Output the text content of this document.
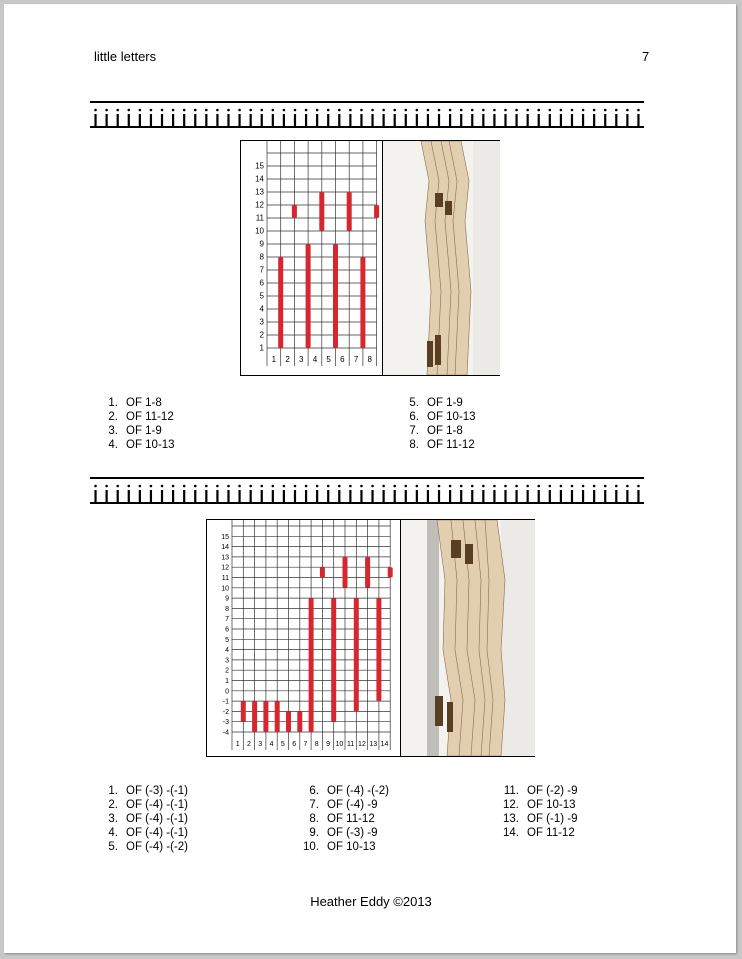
little letters	7
15
14
13
12
11
10
9
8
7
6
5
4
3
2
1
1 2 3 4 5 6 7 8
1. OF 1-8
2. OF 11-12
3. OF 1-9
4. OF 10-13
5. OF 1-9
6. OF 10-13
7. OF 1-8
8. OF 11-12
15
14
13
12
11
10
9
8
7
6
5
4
3
2
1
0
-1
-2
-3
-4
1 2 3 4 5 6 7 8 9 10 11 12 13 14
1. OF (-3) -(-1)
2. OF (-4) -(-1)
3. OF (-4) -(-1)
4. OF (-4) -(-1)
5. OF (-4) -(-2)
6. OF (-4) -(-2)
7. OF (-4) -9
8. OF 11-12
9. OF (-3) -9
10. OF 10-13
11. OF (-2) -9
12. OF 10-13
13. OF (-1) -9
14. OF 11-12
Heather Eddy ©2013
